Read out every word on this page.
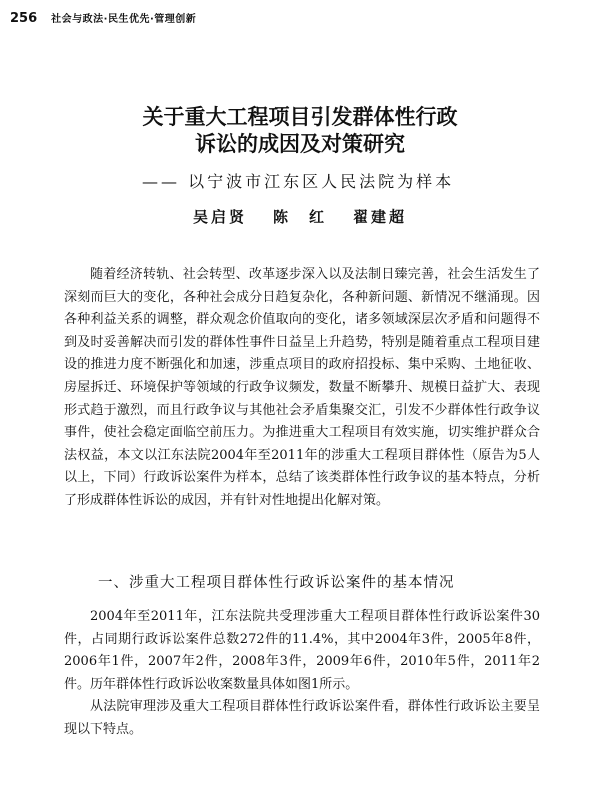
256 社会与政法·民生优先·管理创新
关于重大工程项目引发群体性行政
诉讼的成因及对策研究
—— 以宁波市江东区人民法院为样本
吴启贤 陈　红 翟建超

随着经济转轨、社会转型、改革逐步深入以及法制日臻完善，社会生活发生了深刻而巨大的变化，各种社会成分日趋复杂化，各种新问题、新情况不继涌现。因各种利益关系的调整，群众观念价值取向的变化，诸多领域深层次矛盾和问题得不到及时妥善解决而引发的群体性事件日益呈上升趋势，特别是随着重点工程项目建设的推进力度不断强化和加速，涉重点项目的政府招投标、集中采购、土地征收、房屋拆迁、环境保护等领域的行政争议频发，数量不断攀升、规模日益扩大、表现形式趋于激烈，而且行政争议与其他社会矛盾集聚交汇，引发不少群体性行政争议事件，使社会稳定面临空前压力。为推进重大工程项目有效实施，切实维护群众合法权益，本文以江东法院2004年至2011年的涉重大工程项目群体性（原告为5人以上，下同）行政诉讼案件为样本，总结了该类群体性行政争议的基本特点，分析了形成群体性诉讼的成因，并有针对性地提出化解对策。

一、涉重大工程项目群体性行政诉讼案件的基本情况

2004年至2011年，江东法院共受理涉重大工程项目群体性行政诉讼案件30件，占同期行政诉讼案件总数272件的11.4%，其中2004年3件，2005年8件，2006年1件，2007年2件，2008年3件，2009年6件，2010年5件，2011年2件。历年群体性行政诉讼收案数量具体如图1所示。

从法院审理涉及重大工程项目群体性行政诉讼案件看，群体性行政诉讼主要呈现以下特点。
